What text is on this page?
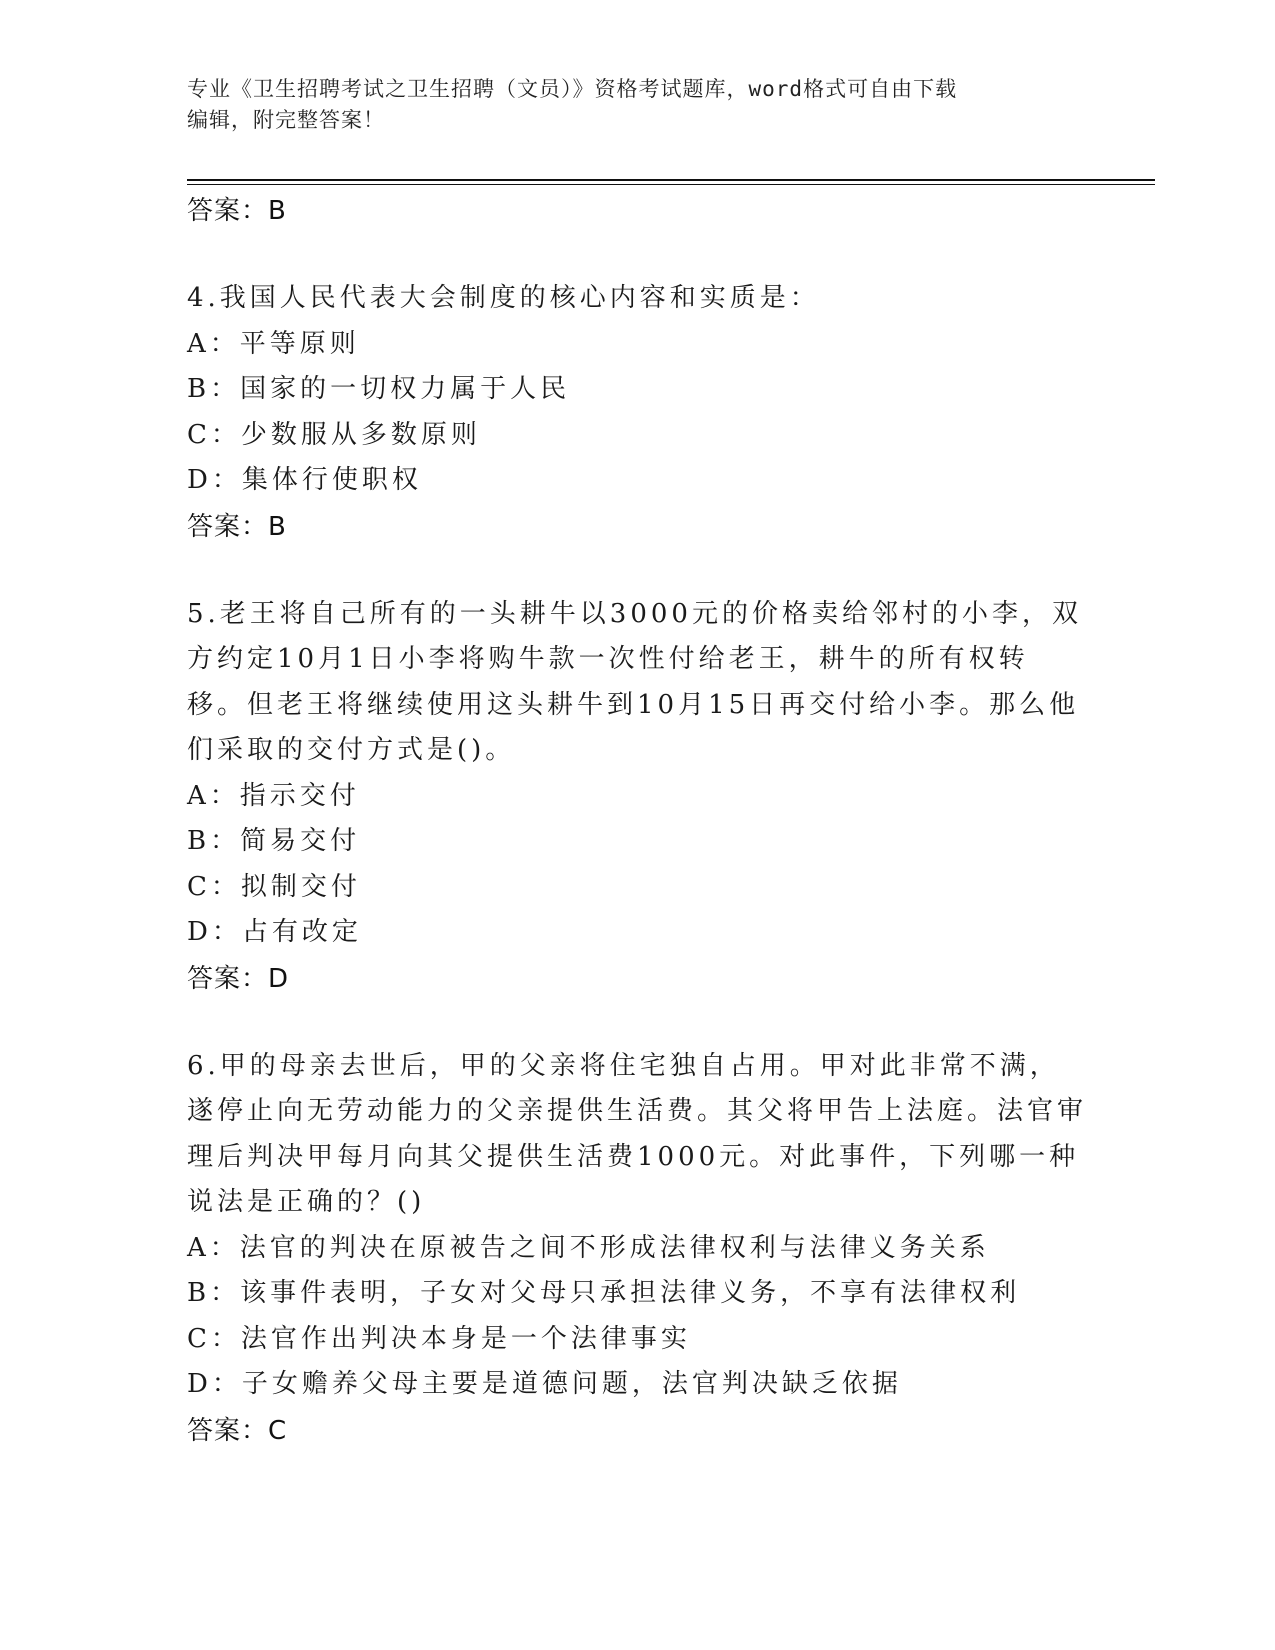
专业《卫生招聘考试之卫生招聘（文员）》资格考试题库，word格式可自由下载
编辑，附完整答案！
答案：B
4.我国人民代表大会制度的核心内容和实质是：
A：平等原则
B：国家的一切权力属于人民
C：少数服从多数原则
D：集体行使职权
答案：B
5.老王将自己所有的一头耕牛以3000元的价格卖给邻村的小李，双方约定10月1日小李将购牛款一次性付给老王，耕牛的所有权转移。但老王将继续使用这头耕牛到10月15日再交付给小李。那么他们采取的交付方式是()。
A：指示交付
B：简易交付
C：拟制交付
D：占有改定
答案：D
6.甲的母亲去世后，甲的父亲将住宅独自占用。甲对此非常不满，遂停止向无劳动能力的父亲提供生活费。其父将甲告上法庭。法官审理后判决甲每月向其父提供生活费1000元。对此事件，下列哪一种说法是正确的？()
A：法官的判决在原被告之间不形成法律权利与法律义务关系
B：该事件表明，子女对父母只承担法律义务，不享有法律权利
C：法官作出判决本身是一个法律事实
D：子女赡养父母主要是道德问题，法官判决缺乏依据
答案：C
